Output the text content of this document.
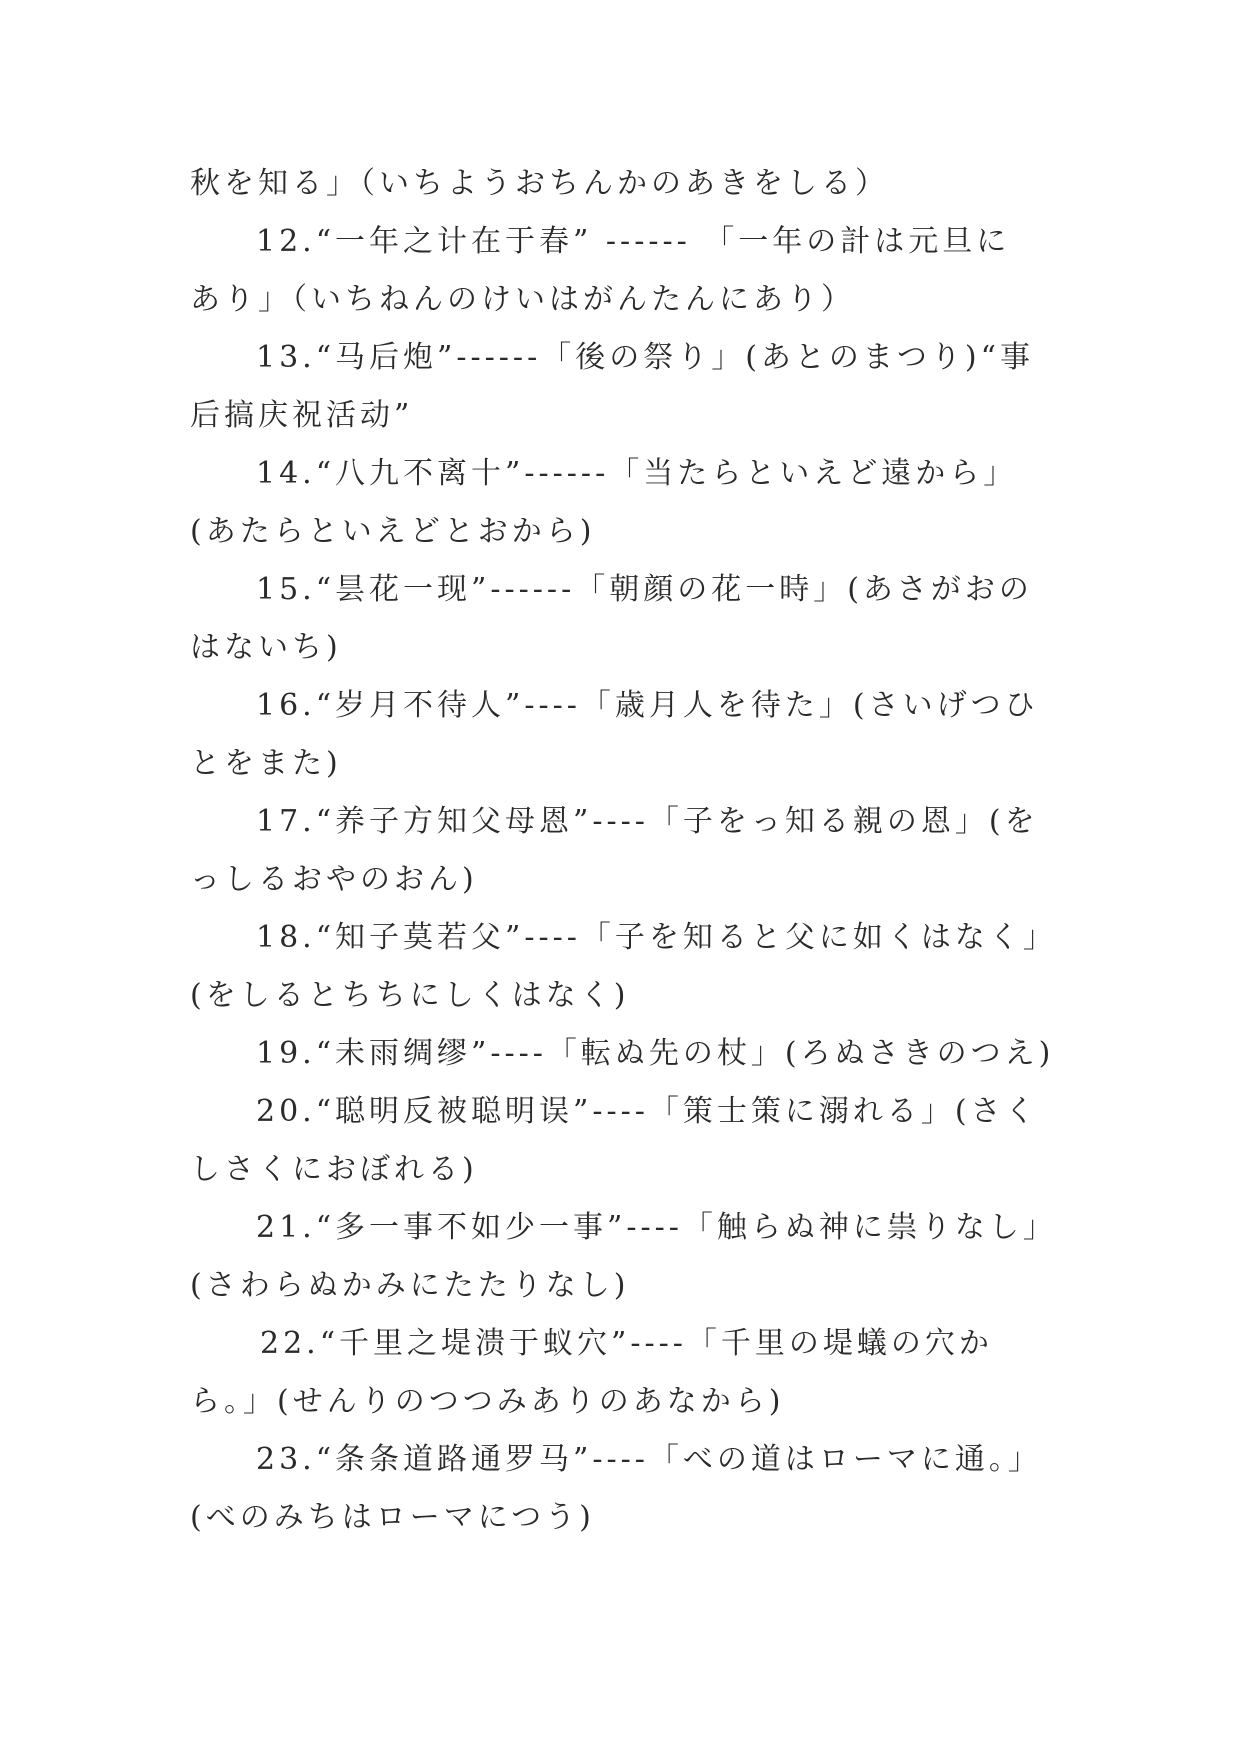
秋を知る」（いちようおちんかのあきをしる）
12.“一年之计在于春” ------ 「一年の計は元旦に
あり」（いちねんのけいはがんたんにあり）
13.“马后炮”------「後の祭り」(あとのまつり)“事
后搞庆祝活动”
14.“八九不离十”------「当たらといえど遠から」
(あたらといえどとおから)
15.“昙花一现”------「朝顔の花一時」(あさがおの
はないち)
16.“岁月不待人”----「歳月人を待た」(さいげつひ
とをまた)
17.“养子方知父母恩”----「子をっ知る親の恩」(を
っしるおやのおん)
18.“知子莫若父”----「子を知ると父に如くはなく」
(をしるとちちにしくはなく)
19.“未雨绸缪”----「転ぬ先の杖」(ろぬさきのつえ)
20.“聪明反被聪明误”----「策士策に溺れる」(さく
しさくにおぼれる)
21.“多一事不如少一事”----「触らぬ神に祟りなし」
(さわらぬかみにたたりなし)
22.“千里之堤溃于蚁穴”----「千里の堤蟻の穴か
ら。」(せんりのつつみありのあなから)
23.“条条道路通罗马”----「べの道はローマに通。」
(べのみちはローマにつう)
